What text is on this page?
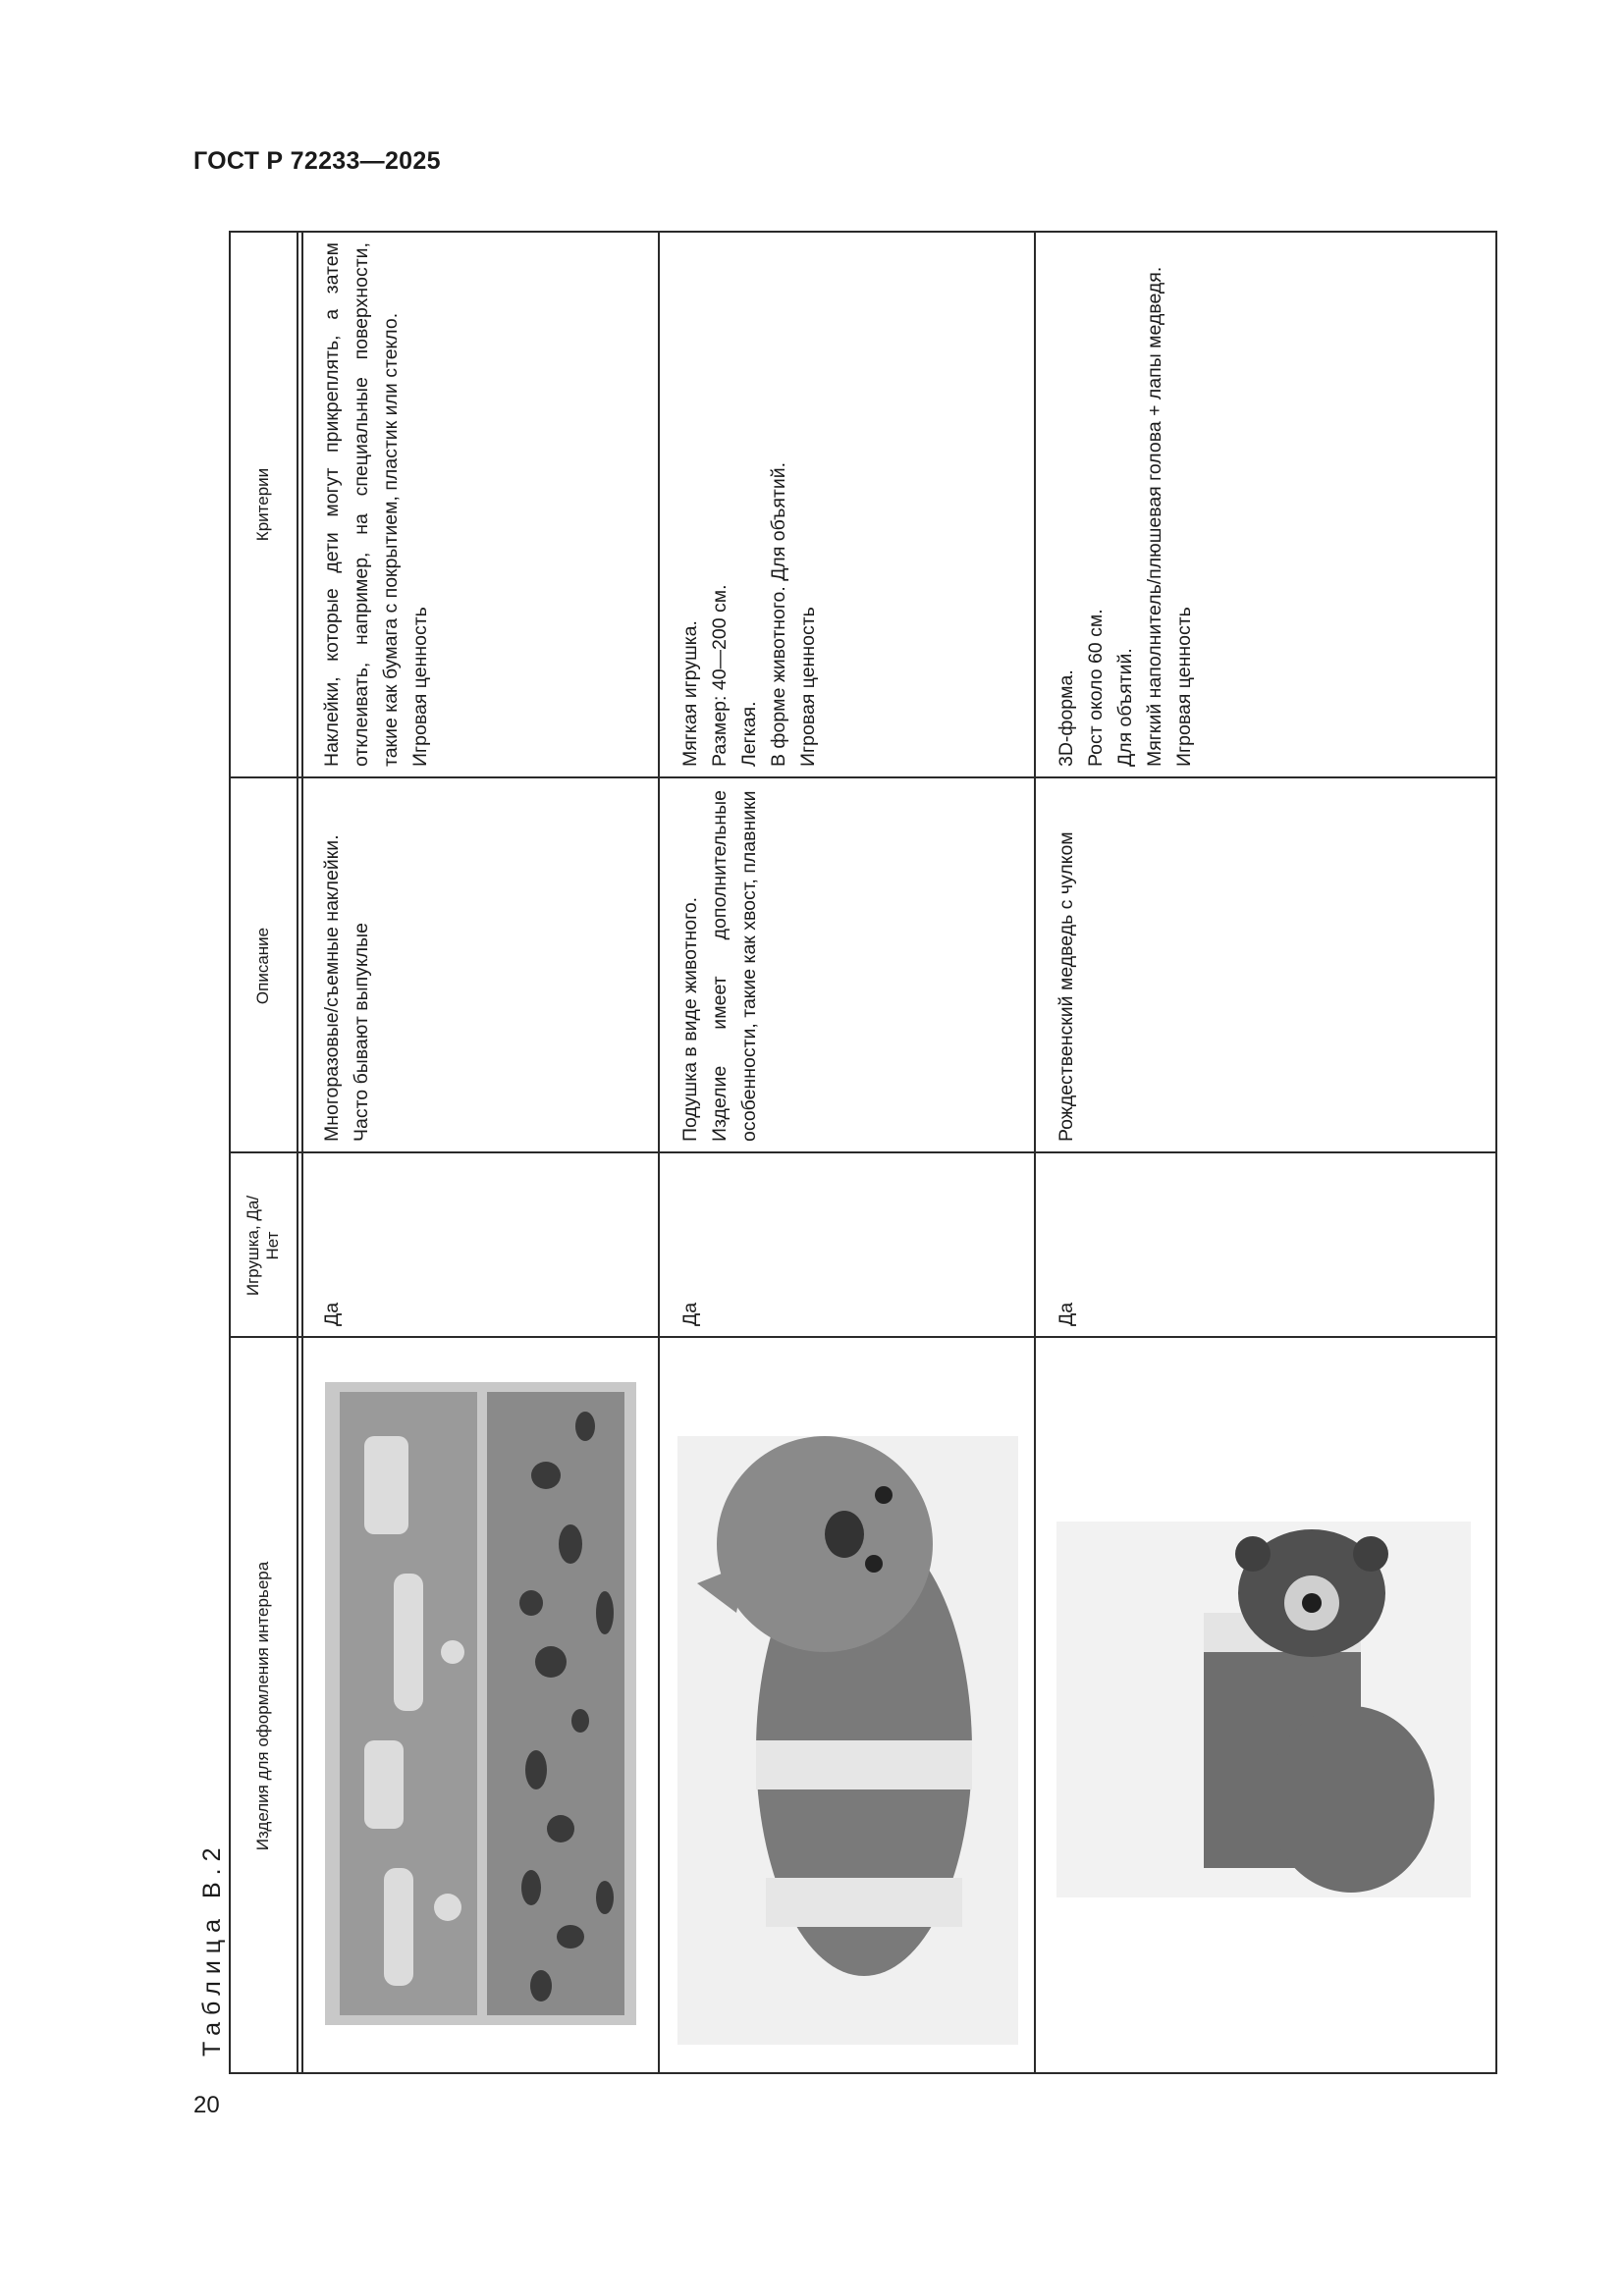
ГОСТ Р 72233—2025
Таблица В.2
20
Изделия для оформления интерьера
Игрушка, Да/Нет
Описание
Критерии
Да
Многоразовые/съемные наклейки. Часто бывают выпуклые
Наклейки, которые дети могут прикреплять, а затем отклеивать, например, на специальные поверхности, такие как бумага с покрытием, пластик или стекло. Игровая ценность
Да
Подушка в виде животного. Изделие имеет дополнительные особенности, такие как хвост, плавники
Мягкая игрушка. Размер: 40—200 см. Легкая. В форме животного. Для объятий. Игровая ценность
Да
Рождественский медведь с чулком
3D-форма. Рост около 60 см. Для объятий. Мягкий наполнитель/плюшевая голова + лапы медведя. Игровая ценность
